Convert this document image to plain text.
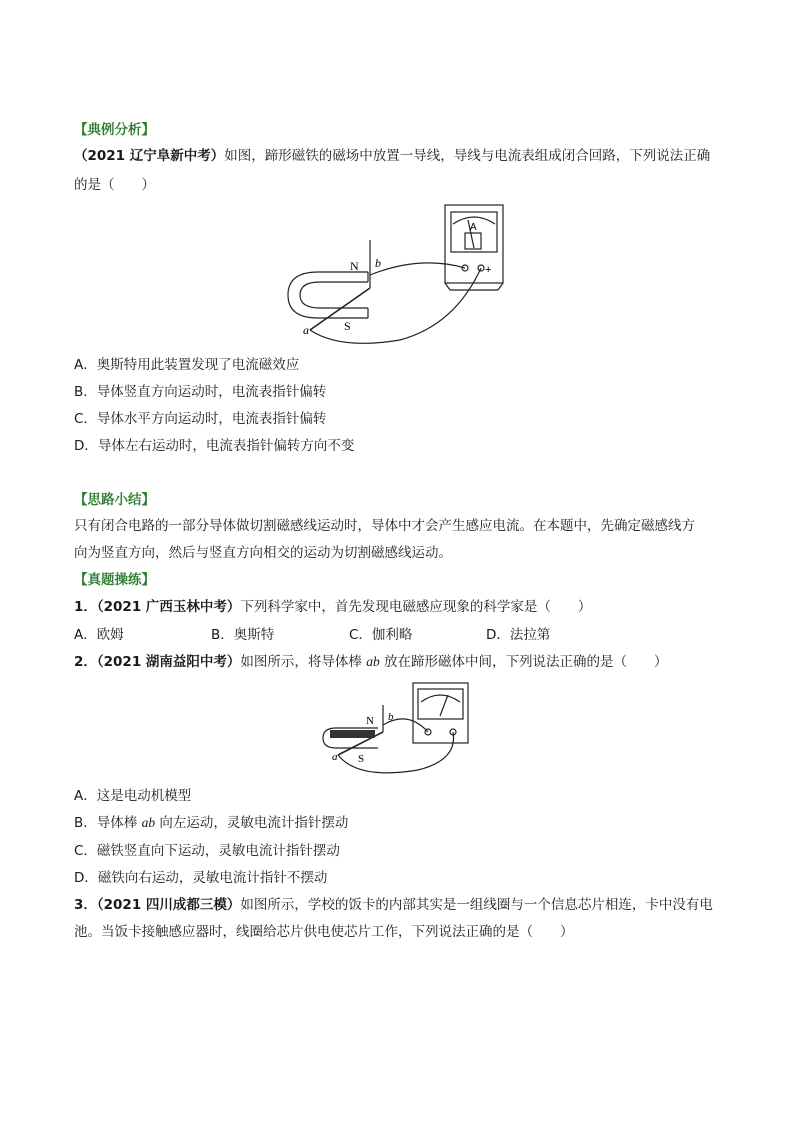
【典例分析】
（2021 辽宁阜新中考）如图，蹄形磁铁的磁场中放置一导线，导线与电流表组成闭合回路，下列说法正确
的是（　　）
N
S
a
b
A
+
A．奥斯特用此装置发现了电流磁效应
B．导体竖直方向运动时，电流表指针偏转
C．导体水平方向运动时，电流表指针偏转
D．导体左右运动时，电流表指针偏转方向不变
【思路小结】
只有闭合电路的一部分导体做切割磁感线运动时，导体中才会产生感应电流。在本题中，先确定磁感线方
向为竖直方向，然后与竖直方向相交的运动为切割磁感线运动。
【真题操练】
1．（2021 广西玉林中考）下列科学家中，首先发现电磁感应现象的科学家是（　　）
A．欧姆	B．奥斯特	C．伽利略	D．法拉第
2．（2021 湖南益阳中考）如图所示，将导体棒 ab 放在蹄形磁体中间，下列说法正确的是（　　）
N
S
a
b
A．这是电动机模型
B．导体棒 ab 向左运动，灵敏电流计指针摆动
C．磁铁竖直向下运动，灵敏电流计指针摆动
D．磁铁向右运动，灵敏电流计指针不摆动
3．（2021 四川成都三模）如图所示，学校的饭卡的内部其实是一组线圈与一个信息芯片相连，卡中没有电
池。当饭卡接触感应器时，线圈给芯片供电使芯片工作，下列说法正确的是（　　）
